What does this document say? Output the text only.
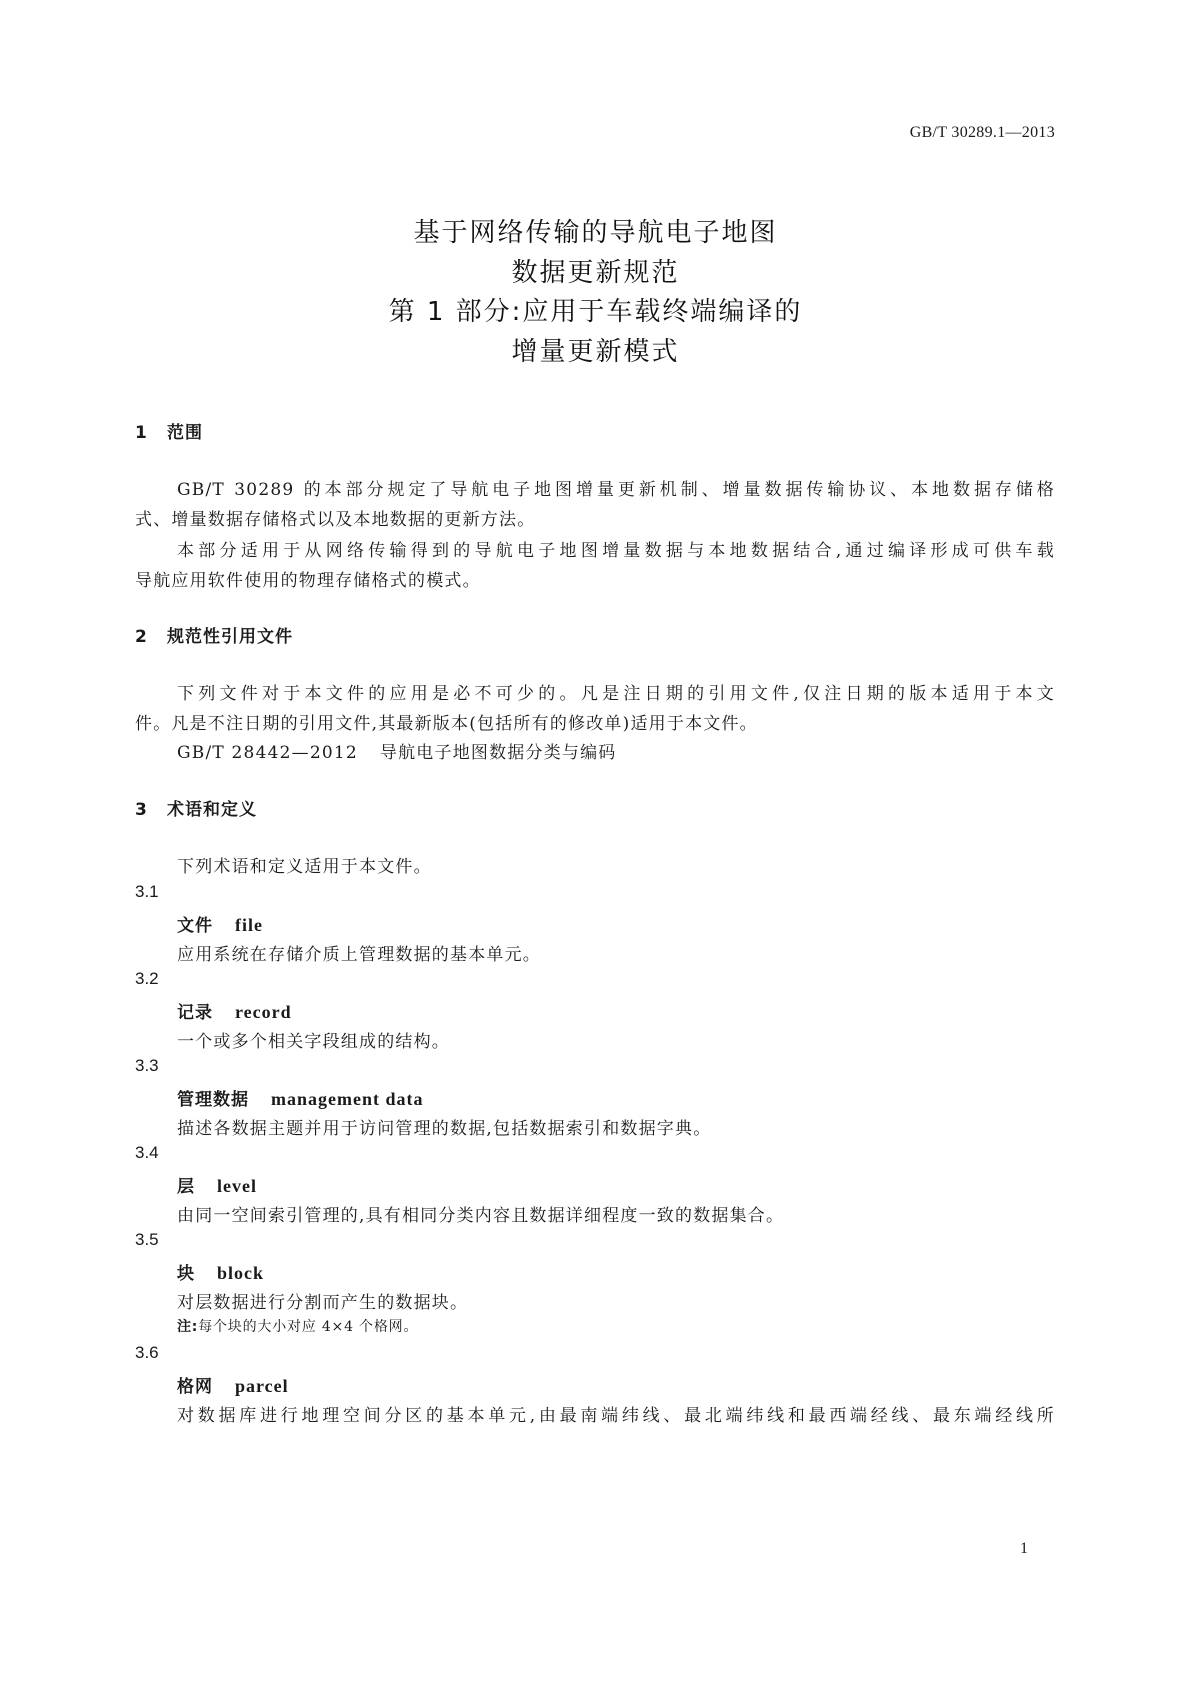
GB/T 30289.1—2013
基于网络传输的导航电子地图
数据更新规范
第 1 部分:应用于车载终端编译的
增量更新模式
1 范围
GB/T 30289 的本部分规定了导航电子地图增量更新机制、增量数据传输协议、本地数据存储格
式、增量数据存储格式以及本地数据的更新方法。
本部分适用于从网络传输得到的导航电子地图增量数据与本地数据结合,通过编译形成可供车载
导航应用软件使用的物理存储格式的模式。
2 规范性引用文件
下列文件对于本文件的应用是必不可少的。凡是注日期的引用文件,仅注日期的版本适用于本文
件。凡是不注日期的引用文件,其最新版本(包括所有的修改单)适用于本文件。
GB/T 28442—2012 导航电子地图数据分类与编码
3 术语和定义
下列术语和定义适用于本文件。
3.1
文件 file
应用系统在存储介质上管理数据的基本单元。
3.2
记录 record
一个或多个相关字段组成的结构。
3.3
管理数据 management data
描述各数据主题并用于访问管理的数据,包括数据索引和数据字典。
3.4
层 level
由同一空间索引管理的,具有相同分类内容且数据详细程度一致的数据集合。
3.5
块 block
对层数据进行分割而产生的数据块。
注:每个块的大小对应 4×4 个格网。
3.6
格网 parcel
对数据库进行地理空间分区的基本单元,由最南端纬线、最北端纬线和最西端经线、最东端经线所
1
